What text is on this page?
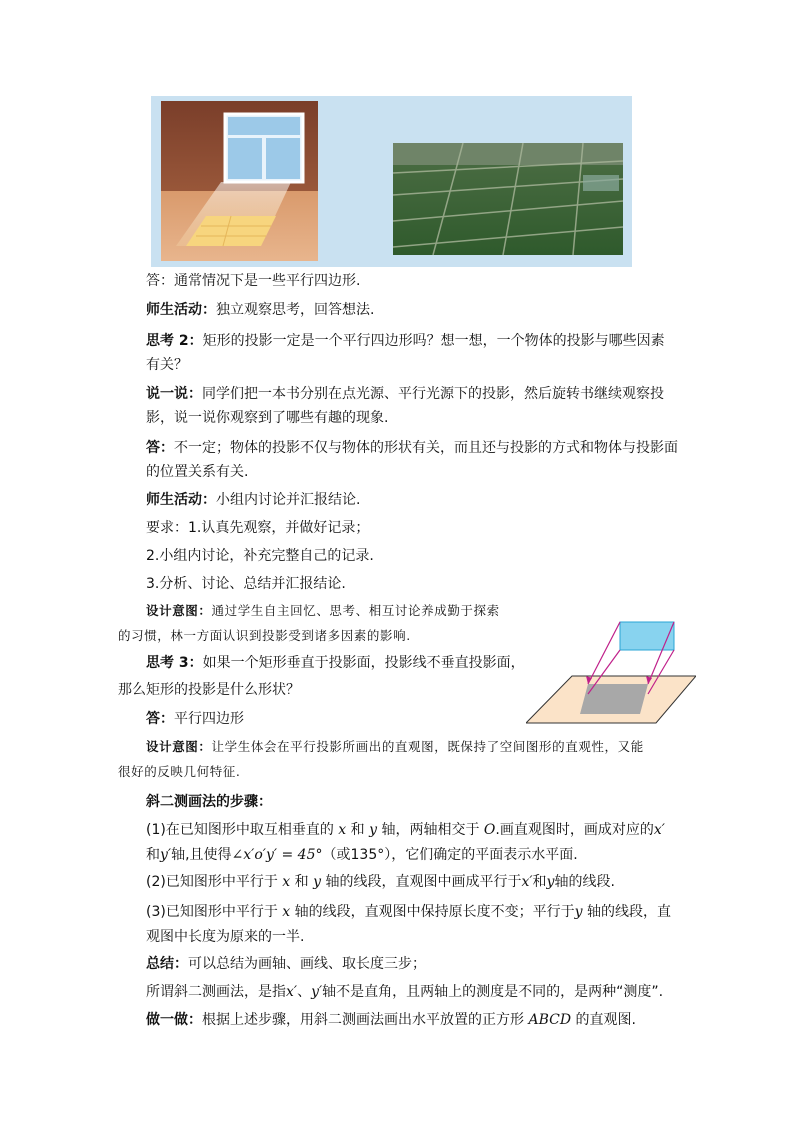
答：通常情况下是一些平行四边形.

师生活动：独立观察思考，回答想法.

思考 2：矩形的投影一定是一个平行四边形吗？想一想，一个物体的投影与哪些因素有关？

说一说：同学们把一本书分别在点光源、平行光源下的投影，然后旋转书继续观察投影，说一说你观察到了哪些有趣的现象.

答：不一定；物体的投影不仅与物体的形状有关，而且还与投影的方式和物体与投影面的位置关系有关.

师生活动：小组内讨论并汇报结论.

要求：1.认真先观察，并做好记录；

2.小组内讨论，补充完整自己的记录.

3.分析、讨论、总结并汇报结论.

设计意图：通过学生自主回忆、思考、相互讨论养成勤于探索

的习惯，林一方面认识到投影受到诸多因素的影响.

思考 3：如果一个矩形垂直于投影面，投影线不垂直投影面，

那么矩形的投影是什么形状？

答：平行四边形

设计意图：让学生体会在平行投影所画出的直观图，既保持了空间图形的直观性，又能

很好的反映几何特征.

斜二测画法的步骤：

(1)在已知图形中取互相垂直的 x 和 y 轴，两轴相交于 O.画直观图时，画成对应的x′和y′轴,且使得∠x′o′y′ = 45°（或135°），它们确定的平面表示水平面.

(2)已知图形中平行于 x 和 y 轴的线段，直观图中画成平行于x′和y轴的线段.

(3)已知图形中平行于 x 轴的线段，直观图中保持原长度不变；平行于y 轴的线段，直观图中长度为原来的一半.

总结：可以总结为画轴、画线、取长度三步；

所谓斜二测画法，是指x′、y′轴不是直角，且两轴上的测度是不同的，是两种“测度”.

做一做：根据上述步骤，用斜二测画法画出水平放置的正方形 ABCD 的直观图.
